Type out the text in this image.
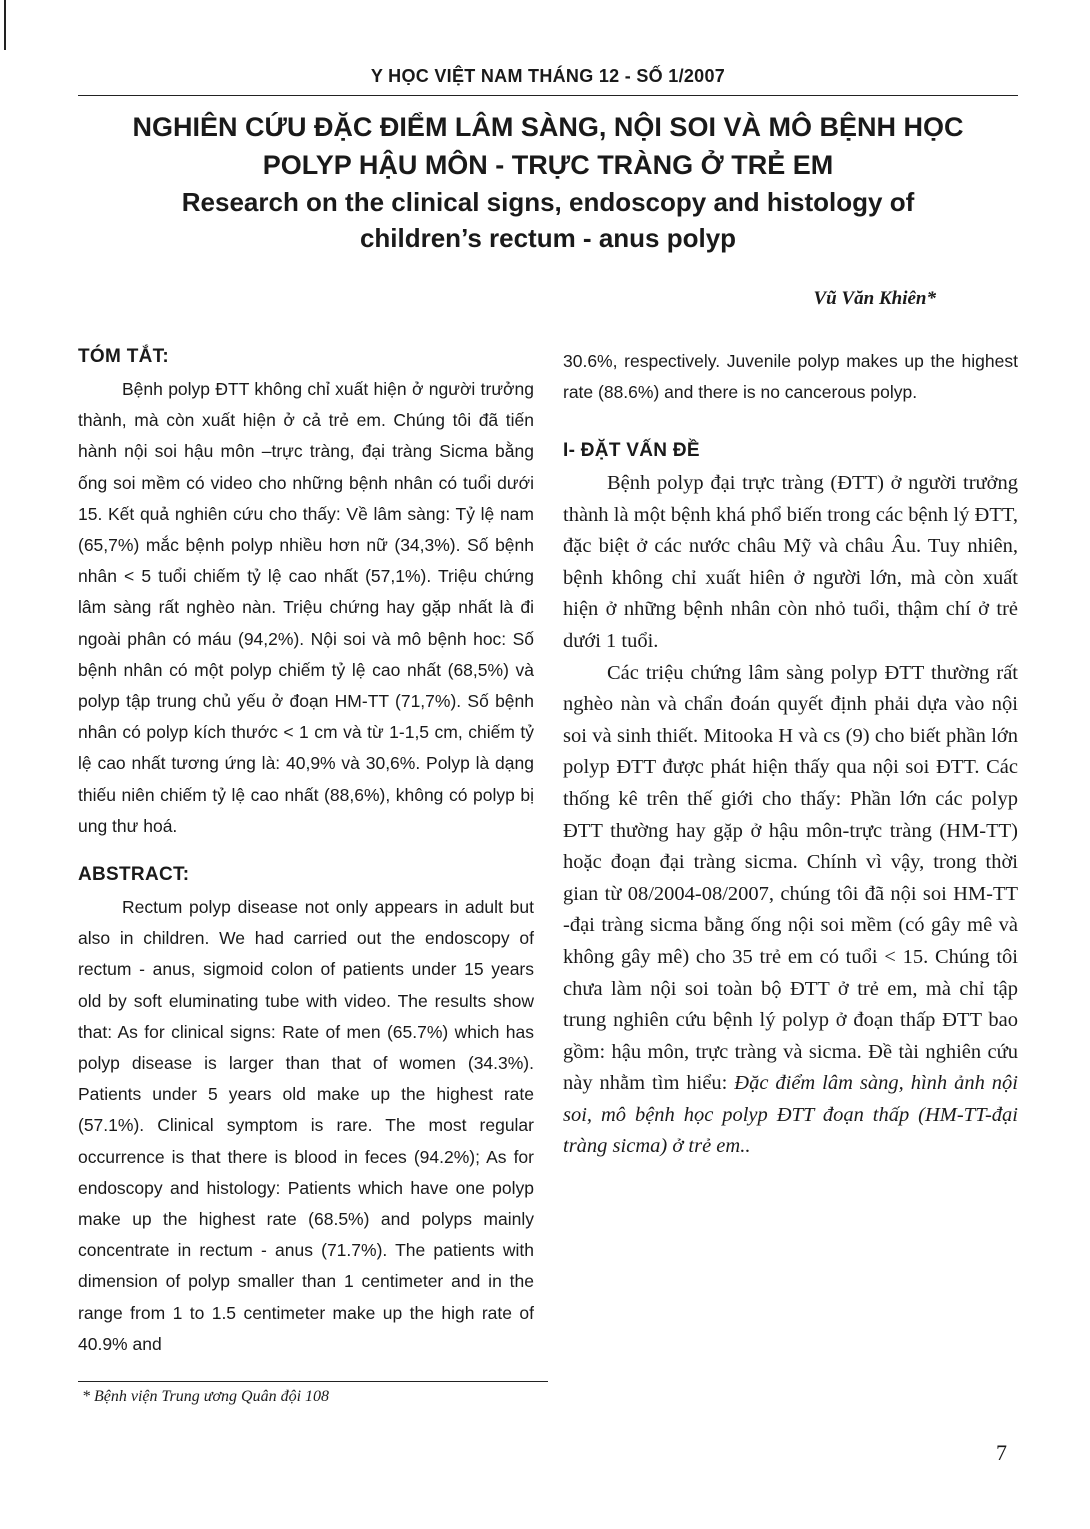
Y HỌC VIỆT NAM THÁNG 12 - SỐ 1/2007
NGHIÊN CỨU ĐẶC ĐIỂM LÂM SÀNG, NỘI SOI VÀ MÔ BỆNH HỌC
POLYP HẬU MÔN - TRỰC TRÀNG Ở TRẺ EM
Research on the clinical signs, endoscopy and histology of
children’s rectum - anus polyp
Vũ Văn Khiên*
TÓM TẮT:

Bệnh polyp ĐTT không chỉ xuất hiện ở người trưởng thành, mà còn xuất hiện ở cả trẻ em. Chúng tôi đã tiến hành nội soi hậu môn –trực tràng, đại tràng Sicma bằng ống soi mềm có video cho những bệnh nhân có tuổi dưới 15. Kết quả nghiên cứu cho thấy: Về lâm sàng: Tỷ lệ nam (65,7%) mắc bệnh polyp nhiều hơn nữ (34,3%). Số bệnh nhân < 5 tuổi chiếm tỷ lệ cao nhất (57,1%). Triệu chứng lâm sàng rất nghèo nàn. Triệu chứng hay gặp nhất là đi ngoài phân có máu (94,2%). Nội soi và mô bệnh hoc: Số bệnh nhân có một polyp chiếm tỷ lệ cao nhất (68,5%) và polyp tập trung chủ yếu ở đoạn HM-TT (71,7%). Số bệnh nhân có polyp kích thước < 1 cm và từ 1-1,5 cm, chiếm tỷ lệ cao nhất tương ứng là: 40,9% và 30,6%. Polyp là dạng thiếu niên chiếm tỷ lệ cao nhất (88,6%), không có polyp bị ung thư hoá.

ABSTRACT:

Rectum polyp disease not only appears in adult but also in children. We had carried out the endoscopy of rectum - anus, sigmoid colon of patients under 15 years old by soft eluminating tube with video. The results show that: As for clinical signs: Rate of men (65.7%) which has polyp disease is larger than that of women (34.3%). Patients under 5 years old make up the highest rate (57.1%). Clinical symptom is rare. The most regular occurrence is that there is blood in feces (94.2%); As for endoscopy and histology: Patients which have one polyp make up the highest rate (68.5%) and polyps mainly concentrate in rectum - anus (71.7%). The patients with dimension of polyp smaller than 1 centimeter and in the range from 1 to 1.5 centimeter make up the high rate of 40.9% and

30.6%, respectively. Juvenile polyp makes up the highest rate (88.6%) and there is no cancerous polyp.

I- ĐẶT VẤN ĐỀ

Bệnh polyp đại trực tràng (ĐTT) ở người trưởng thành là một bệnh khá phổ biến trong các bệnh lý ĐTT, đặc biệt ở các nước châu Mỹ và châu Âu. Tuy nhiên, bệnh không chỉ xuất hiên ở người lớn, mà còn xuất hiện ở những bệnh nhân còn nhỏ tuổi, thậm chí ở trẻ dưới 1 tuổi.

Các triệu chứng lâm sàng polyp ĐTT thường rất nghèo nàn và chẩn đoán quyết định phải dựa vào nội soi và sinh thiết. Mitooka H và cs (9) cho biết phần lớn polyp ĐTT được phát hiện thấy qua nội soi ĐTT. Các thống kê trên thế giới cho thấy: Phần lớn các polyp ĐTT thường hay gặp ở hậu môn-trực tràng (HM-TT) hoặc đoạn đại tràng sicma. Chính vì vậy, trong thời gian từ 08/2004-08/2007, chúng tôi đã nội soi HM-TT -đại tràng sicma bằng ống nội soi mềm (có gây mê và không gây mê) cho 35 trẻ em có tuổi < 15. Chúng tôi chưa làm nội soi toàn bộ ĐTT ở trẻ em, mà chỉ tập trung nghiên cứu bệnh lý polyp ở đoạn thấp ĐTT bao gồm: hậu môn, trực tràng và sicma. Đề tài nghiên cứu này nhằm tìm hiểu: Đặc điểm lâm sàng, hình ảnh nội soi, mô bệnh học polyp ĐTT đoạn thấp (HM-TT-đại tràng sicma) ở trẻ em..

* Bệnh viện Trung ương Quân đội 108
7
